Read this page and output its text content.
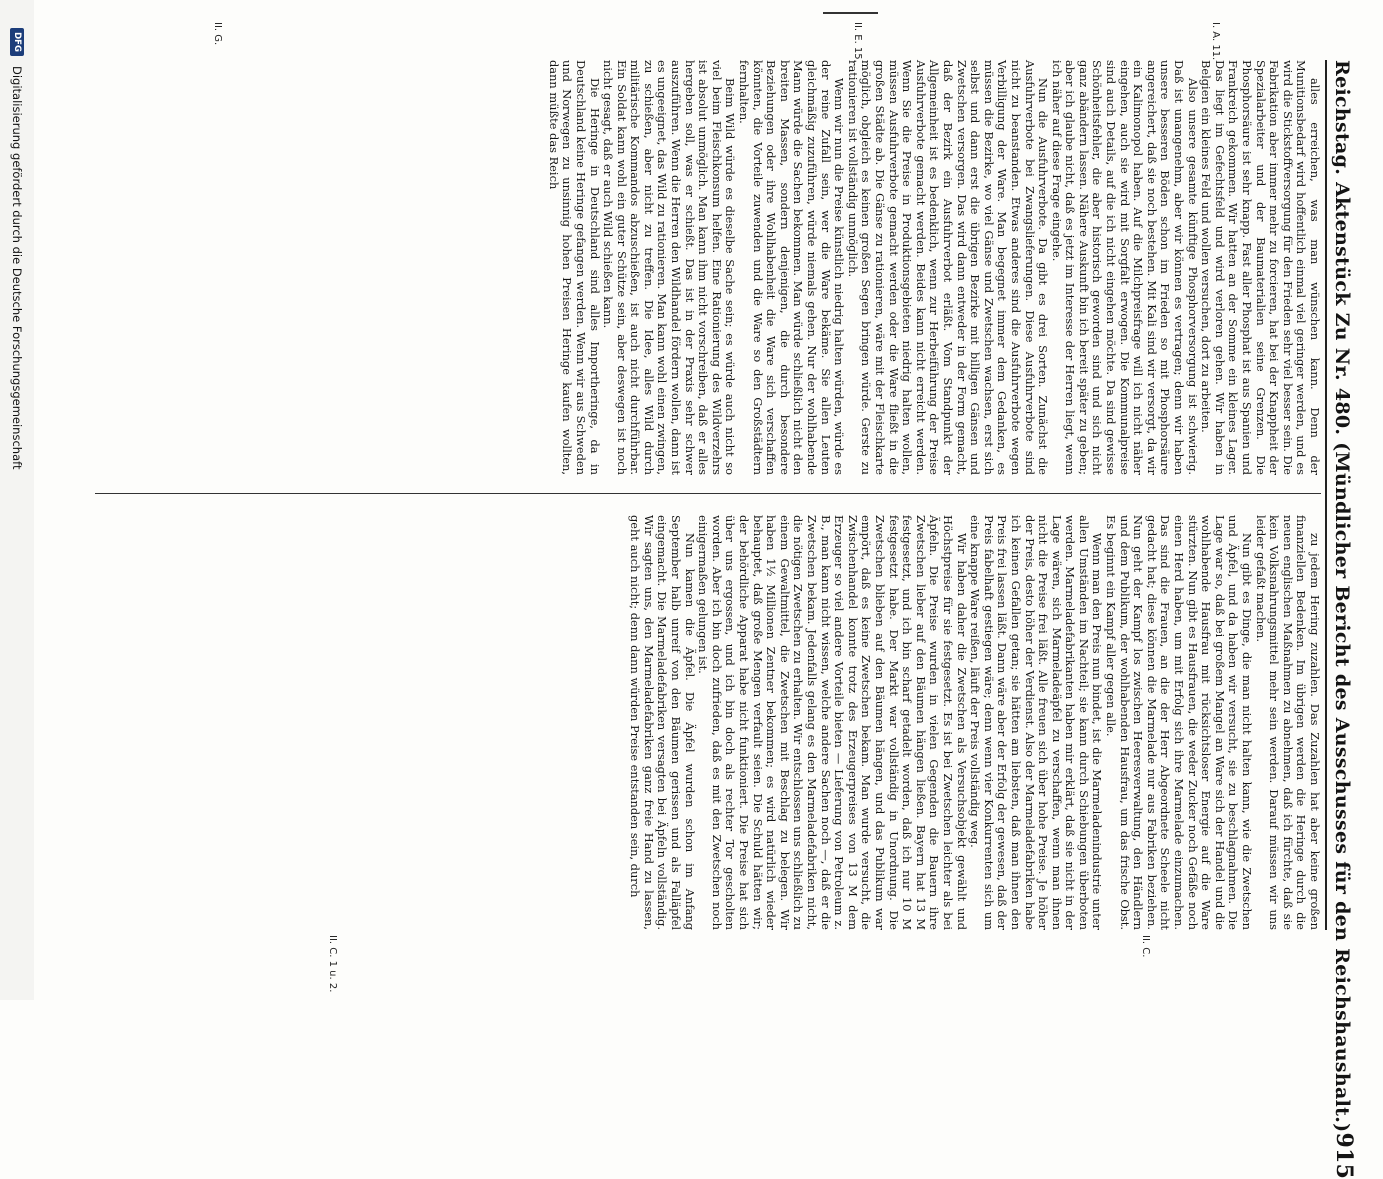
Reichstag. Aktenstück Zu Nr. 480. (Mündlicher Bericht des Ausschusses für den Reichshaushalt.)
915
I. A. 11.
II. E. 15.
II. G.
II. C.
II. C. 1 u. 2.

alles erreichen, was man wünschen kann. Denn der Munitionsbedarf wird hoffentlich einmal viel geringer werden, und es wird die Stickstoffversorgung für den Frieden sehr viel besser sein. Die Fabrikation aber immer mehr zu forcieren, hat bei der Knappheit der Spezialarbeiter und der Baumaterialien seine Grenzen. Die Phosphorsäure ist sehr knapp. Fast aller Phosphat ist aus Spanien und Frankreich gekommen. Wir hatten an der Somme ein kleines Lager. Das liegt im Gefechtsfeld und wird verloren gehen. Wir haben in Belgien ein kleines Feld und wollen versuchen, dort zu arbeiten.

Also unsere gesamte künftige Phosphorversorgung ist schwierig. Daß ist unangenehm, aber wir können es vertragen; denn wir haben unsere besseren Böden schon im Frieden so mit Phosphorsäure angereichert, daß sie noch bestehen. Mit Kali sind wir versorgt, da wir ein Kalimonopol haben. Auf die Milchpreisfrage will ich nicht näher eingehen, auch sie wird mit Sorgfalt erwogen. Die Kommunalpreise sind auch Details, auf die ich nicht eingehen möchte. Da sind gewisse Schönheitsfehler, die aber historisch geworden sind und sich nicht ganz abändern lassen. Nähere Auskunft bin ich bereit später zu geben; aber ich glaube nicht, daß es jetzt im Interesse der Herren liegt, wenn ich näher auf diese Frage eingehe.

Nun die Ausfuhrverbote. Da gibt es drei Sorten. Zunächst die Ausfuhrverbote bei Zwangslieferungen. Diese Ausfuhrverbote sind nicht zu beanstanden. Etwas anderes sind die Ausfuhrverbote wegen Verbilligung der Ware. Man begegnet immer dem Gedanken, es müssen die Bezirke, wo viel Gänse und Zwetschen wachsen, erst sich selbst und dann erst die übrigen Bezirke mit billigen Gänsen und Zwetschen versorgen. Das wird dann entweder in der Form gemacht, daß der Bezirk ein Ausfuhrverbot erläßt. Vom Standpunkt der Allgemeinheit ist es bedenklich, wenn zur Herbeiführung der Preise Ausfuhrverbote gemacht werden. Beides kann nicht erreicht werden. Wenn Sie die Preise in Produktionsgebieten niedrig halten wollen, müssen Ausfuhrverbote gemacht werden oder die Ware fließt in die großen Städte ab. Die Gänse zu rationieren, wäre mit der Fleischkarte möglich, obgleich es keinen großen Segen bringen würde. Gerste zu rationieren ist vollständig unmöglich.

Wenn wir nun die Preise künstlich niedrig halten würden, würde es der reine Zufall sein, wer die Ware bekäme. Sie allen Leuten gleichmäßig zuzuführen, würde niemals gehen. Nur der wohlhabende Mann würde die Sachen bekommen. Man würde schließlich nicht den breiten Massen, sondern denjenigen, die durch besondere Beziehungen oder ihre Wohlhabenheit die Ware sich verschaffen könnten, die Vorteile zuwenden und die Ware so den Großstädtern fernhalten.

Beim Wild würde es dieselbe Sache sein; es würde auch nicht so viel beim Fleischkonsum helfen. Eine Rationierung des Wildverzehrs ist absolut unmöglich. Man kann ihm nicht vorschreiben, daß er alles hergeben soll, was er schießt. Das ist in der Praxis sehr schwer auszuführen. Wenn die Herren den Wildhandel fördern wollen, dann ist es ungeeignet, das Wild zu rationieren. Man kann wohl einen zwingen, zu schießen, aber nicht zu treffen. Die Idee, alles Wild durch militärische Kommandos abzuschießen, ist auch nicht durchführbar. Ein Soldat kann wohl ein guter Schütze sein, aber deswegen ist noch nicht gesagt, daß er auch Wild schießen kann.

Die Heringe in Deutschland sind alles Importheringe, da in Deutschland keine Heringe gefangen werden. Wenn wir aus Schweden und Norwegen zu unsinnig hohen Preisen Heringe kaufen wollten, dann müßte das Reich

zu jedem Hering zuzahlen. Das Zuzahlen hat aber keine großen finanziellen Bedenken. Im übrigen werden die Heringe durch die neuen englischen Maßnahmen zu abnehmen, daß ich fürchte, daß sie kein Volksnahrungsmittel mehr sein werden. Darauf müssen wir uns leider gefaßt machen.

Nun gibt es Dinge, die man nicht halten kann, wie die Zwetschen und Äpfel, und da haben wir versucht, sie zu beschlagnahmen. Die Lage war so, daß bei großem Mangel an Ware sich der Handel und die wohlhabende Hausfrau mit rücksichtsloser Energie auf die Ware stürzten. Nun gibt es Hausfrauen, die weder Zucker noch Gefäße noch einen Herd haben, um mit Erfolg sich ihre Marmelade einzumachen. Das sind die Frauen, an die der Herr Abgeordnete Scheele nicht gedacht hat; diese können die Marmelade nur aus Fabriken beziehen. Nun geht der Kampf los zwischen Heeresverwaltung, den Händlern und dem Publikum, der wohlhabenden Hausfrau, um das frische Obst. Es beginnt ein Kampf aller gegen alle.

Wenn man den Preis nun bindet, ist die Marmeladenindustrie unter allen Umständen im Nachteil; sie kann durch Schiebungen überboten werden. Marmeladefabrikanten haben mir erklärt, daß sie nicht in der Lage wären, sich Marmeladeäpfel zu verschaffen, wenn man ihnen nicht die Preise frei läßt. Alle freuen sich über hohe Preise. Je höher der Preis, desto höher der Verdienst. Also der Marmeladefabriken habe ich keinen Gefallen getan; sie hätten am liebsten, daß man ihnen den Preis frei lassen läßt. Dann wäre aber der Erfolg der gewesen, daß der Preis fabelhaft gestiegen wäre; denn wenn vier Konkurrenten sich um eine knappe Ware reißen, läuft der Preis vollständig weg.

Wir haben daher die Zwetschen als Versuchsobjekt gewählt und Höchstpreise für sie festgesetzt. Es ist bei Zwetschen leichter als bei Äpfeln. Die Preise wurden in vielen Gegenden die Bauern ihre Zwetschen lieber auf den Bäumen hängen ließen. Bayern hat 13 M festgesetzt, und ich bin scharf getadelt worden, daß ich nur 10 M festgesetzt habe. Der Markt war vollständig in Unordnung. Die Zwetschen blieben auf den Bäumen hängen, und das Publikum war empört, daß es keine Zwetschen bekam. Man wurde versucht, die Zwischenhandel konnte trotz des Erzeugerpreises von 13 M dem Erzeuger so viel andere Vorteile bieten — Lieferung von Petroleum z. B., man kann nicht wissen, welche andere Sachen noch —, daß er die Zwetschen bekam. Jedenfalls gelang es den Marmeladefabriken nicht, die nötigen Zwetschen zu erhalten. Wir entschlossen uns schließlich zu einem Gewaltmittel, die Zwetschen mit Beschlag zu belegen. Wir haben 1½ Millionen Zentner bekommen; es wird natürlich wieder behauptet, daß große Mengen verfault seien. Die Schuld hätten wir; der behördliche Apparat habe nicht funktioniert. Die Preise hat sich über uns ergossen, und ich bin doch als rechter Tor gescholten worden. Aber ich bin doch zufrieden, daß es mit den Zwetschen noch einigermaßen gelungen ist.

Nun kamen die Äpfel. Die Äpfel wurden schon im Anfang September halb unreif von den Bäumen gerissen und als Falläpfel eingemacht. Die Marmeladefabriken versagten bei Äpfeln vollständig. Wir sagten uns, den Marmeladefabriken ganz freie Hand zu lassen, geht auch nicht; denn dann würden Preise entstanden sein, durch

DFG
Digitalisierung gefördert durch die Deutsche Forschungsgemeinschaft
